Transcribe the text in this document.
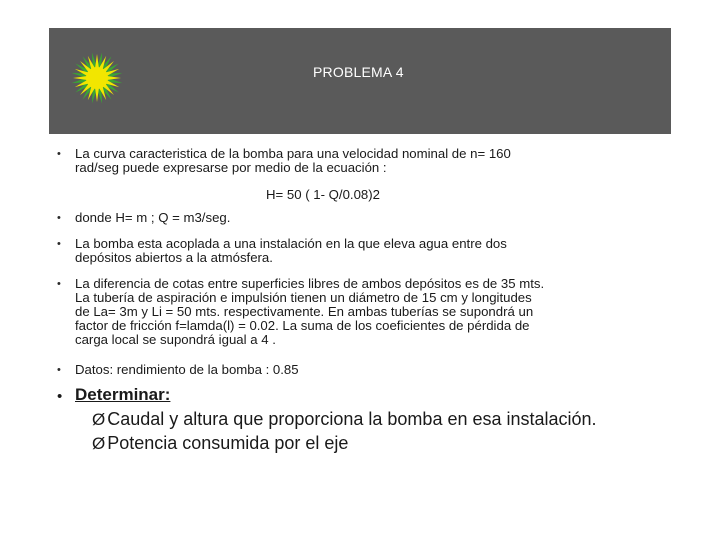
PROBLEMA 4
• La curva caracteristica de la bomba para una velocidad nominal de n= 160
rad/seg puede expresarse por medio de la ecuación :
H= 50 ( 1- Q/0.08)2
• donde H= m ; Q = m3/seg.
• La bomba esta acoplada a una instalación en la que eleva agua entre dos
depósitos abiertos a la atmósfera.
• La diferencia de cotas entre superficies libres de ambos depósitos es de 35 mts.
La tubería de aspiración e impulsión tienen un diámetro de 15 cm y longitudes
de La= 3m y Li = 50 mts. respectivamente. En ambas tuberías se supondrá un
factor de fricción f=lamda(l) = 0.02. La suma de los coeficientes de pérdida de
carga local se supondrá igual a 4 .
• Datos: rendimiento de la bomba : 0.85
• Determinar:
Ø Caudal y altura que proporciona la bomba en esa instalación.
Ø Potencia consumida por el eje
